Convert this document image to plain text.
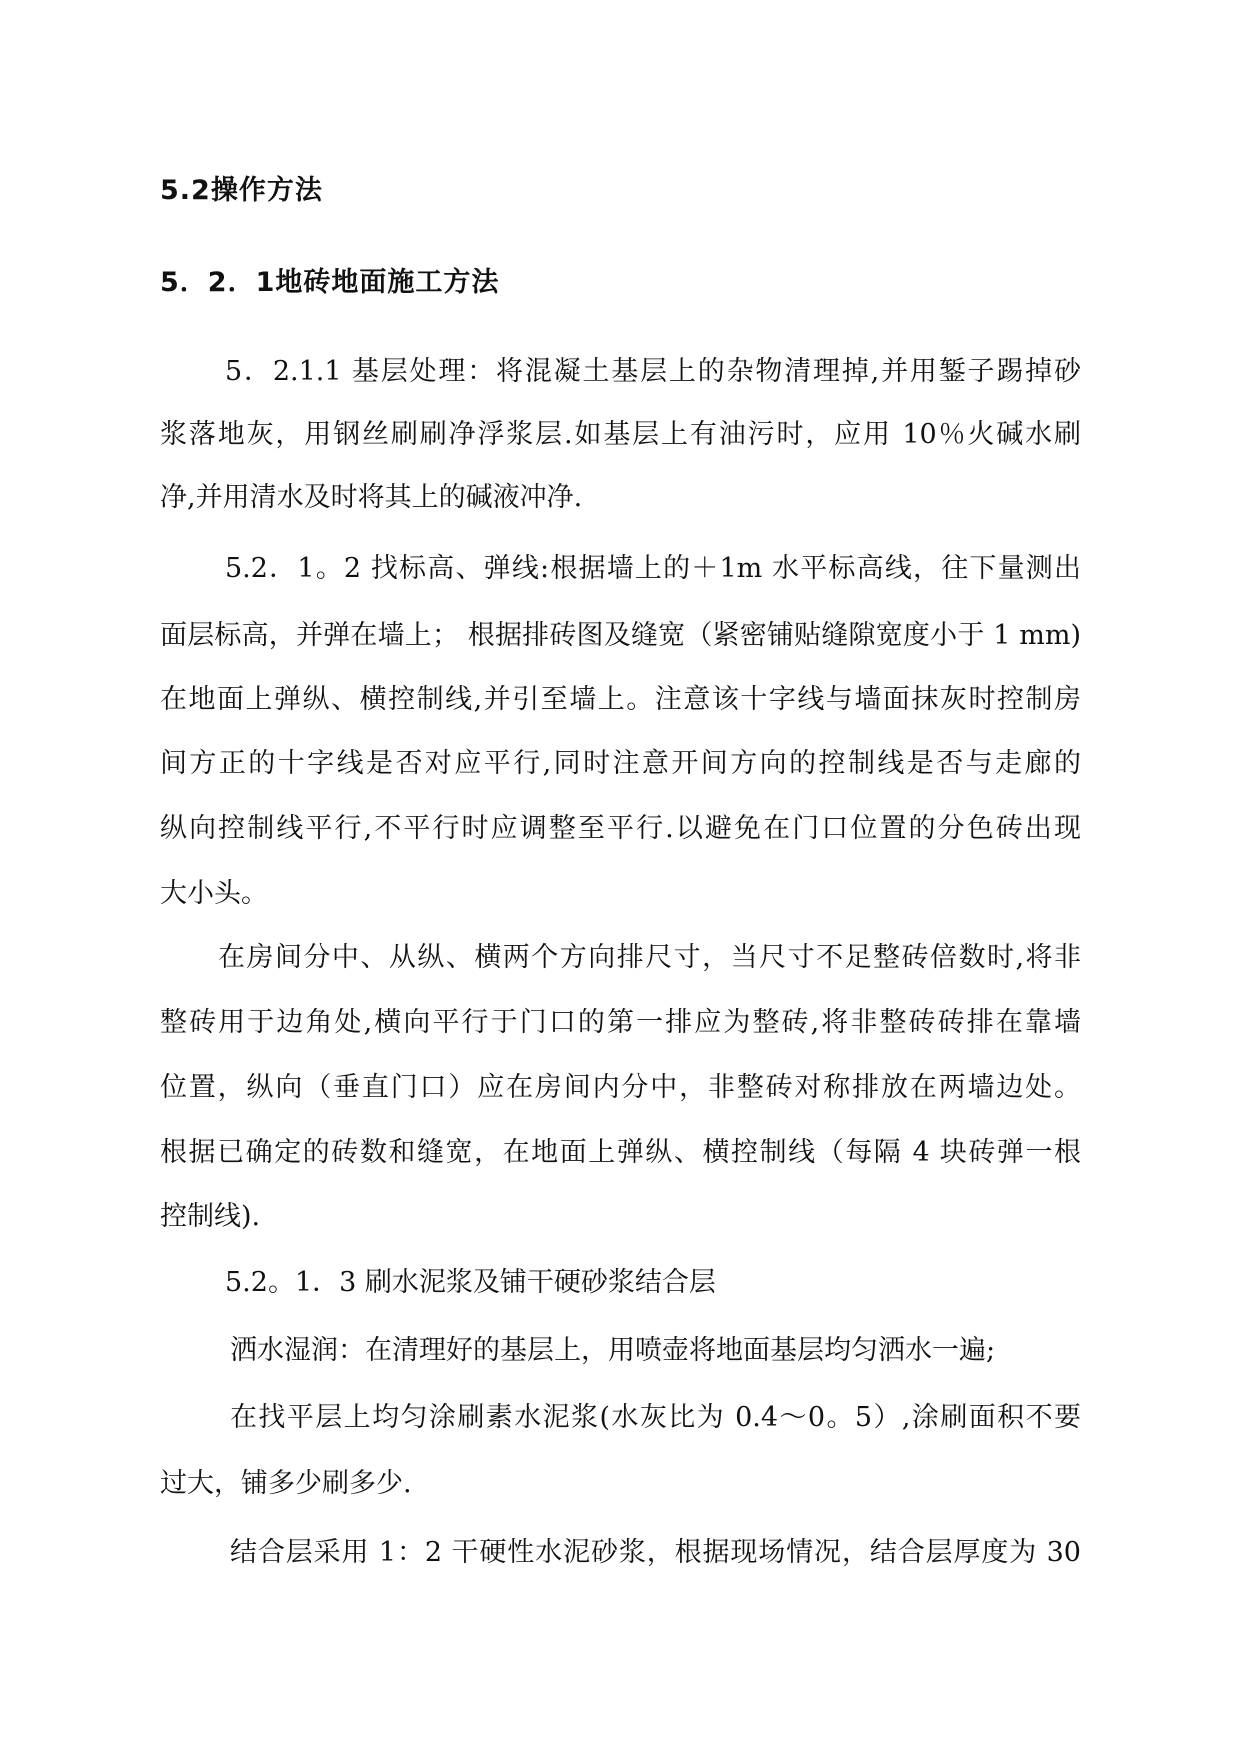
5.2操作方法
5．2．1地砖地面施工方法

5．2.1.1 基层处理：将混凝土基层上的杂物清理掉,并用錾子踢掉砂

浆落地灰，用钢丝刷刷净浮浆层.如基层上有油污时，应用 10％火碱水刷

净,并用清水及时将其上的碱液冲净.

5.2．1。2 找标高、弹线:根据墙上的＋1m 水平标高线，往下量测出

面层标高，并弹在墙上； 根据排砖图及缝宽（紧密铺贴缝隙宽度小于 1 mm)

在地面上弹纵、横控制线,并引至墙上。注意该十字线与墙面抹灰时控制房

间方正的十字线是否对应平行,同时注意开间方向的控制线是否与走廊的

纵向控制线平行,不平行时应调整至平行.以避免在门口位置的分色砖出现

大小头。

在房间分中、从纵、横两个方向排尺寸，当尺寸不足整砖倍数时,将非

整砖用于边角处,横向平行于门口的第一排应为整砖,将非整砖砖排在靠墙

位置，纵向（垂直门口）应在房间内分中，非整砖对称排放在两墙边处。

根据已确定的砖数和缝宽，在地面上弹纵、横控制线（每隔 4 块砖弹一根

控制线).

5.2。1．3 刷水泥浆及铺干硬砂浆结合层

洒水湿润：在清理好的基层上，用喷壶将地面基层均匀洒水一遍;

在找平层上均匀涂刷素水泥浆(水灰比为 0.4～0。5）,涂刷面积不要

过大，铺多少刷多少.

结合层采用 1：2 干硬性水泥砂浆，根据现场情况，结合层厚度为 30
